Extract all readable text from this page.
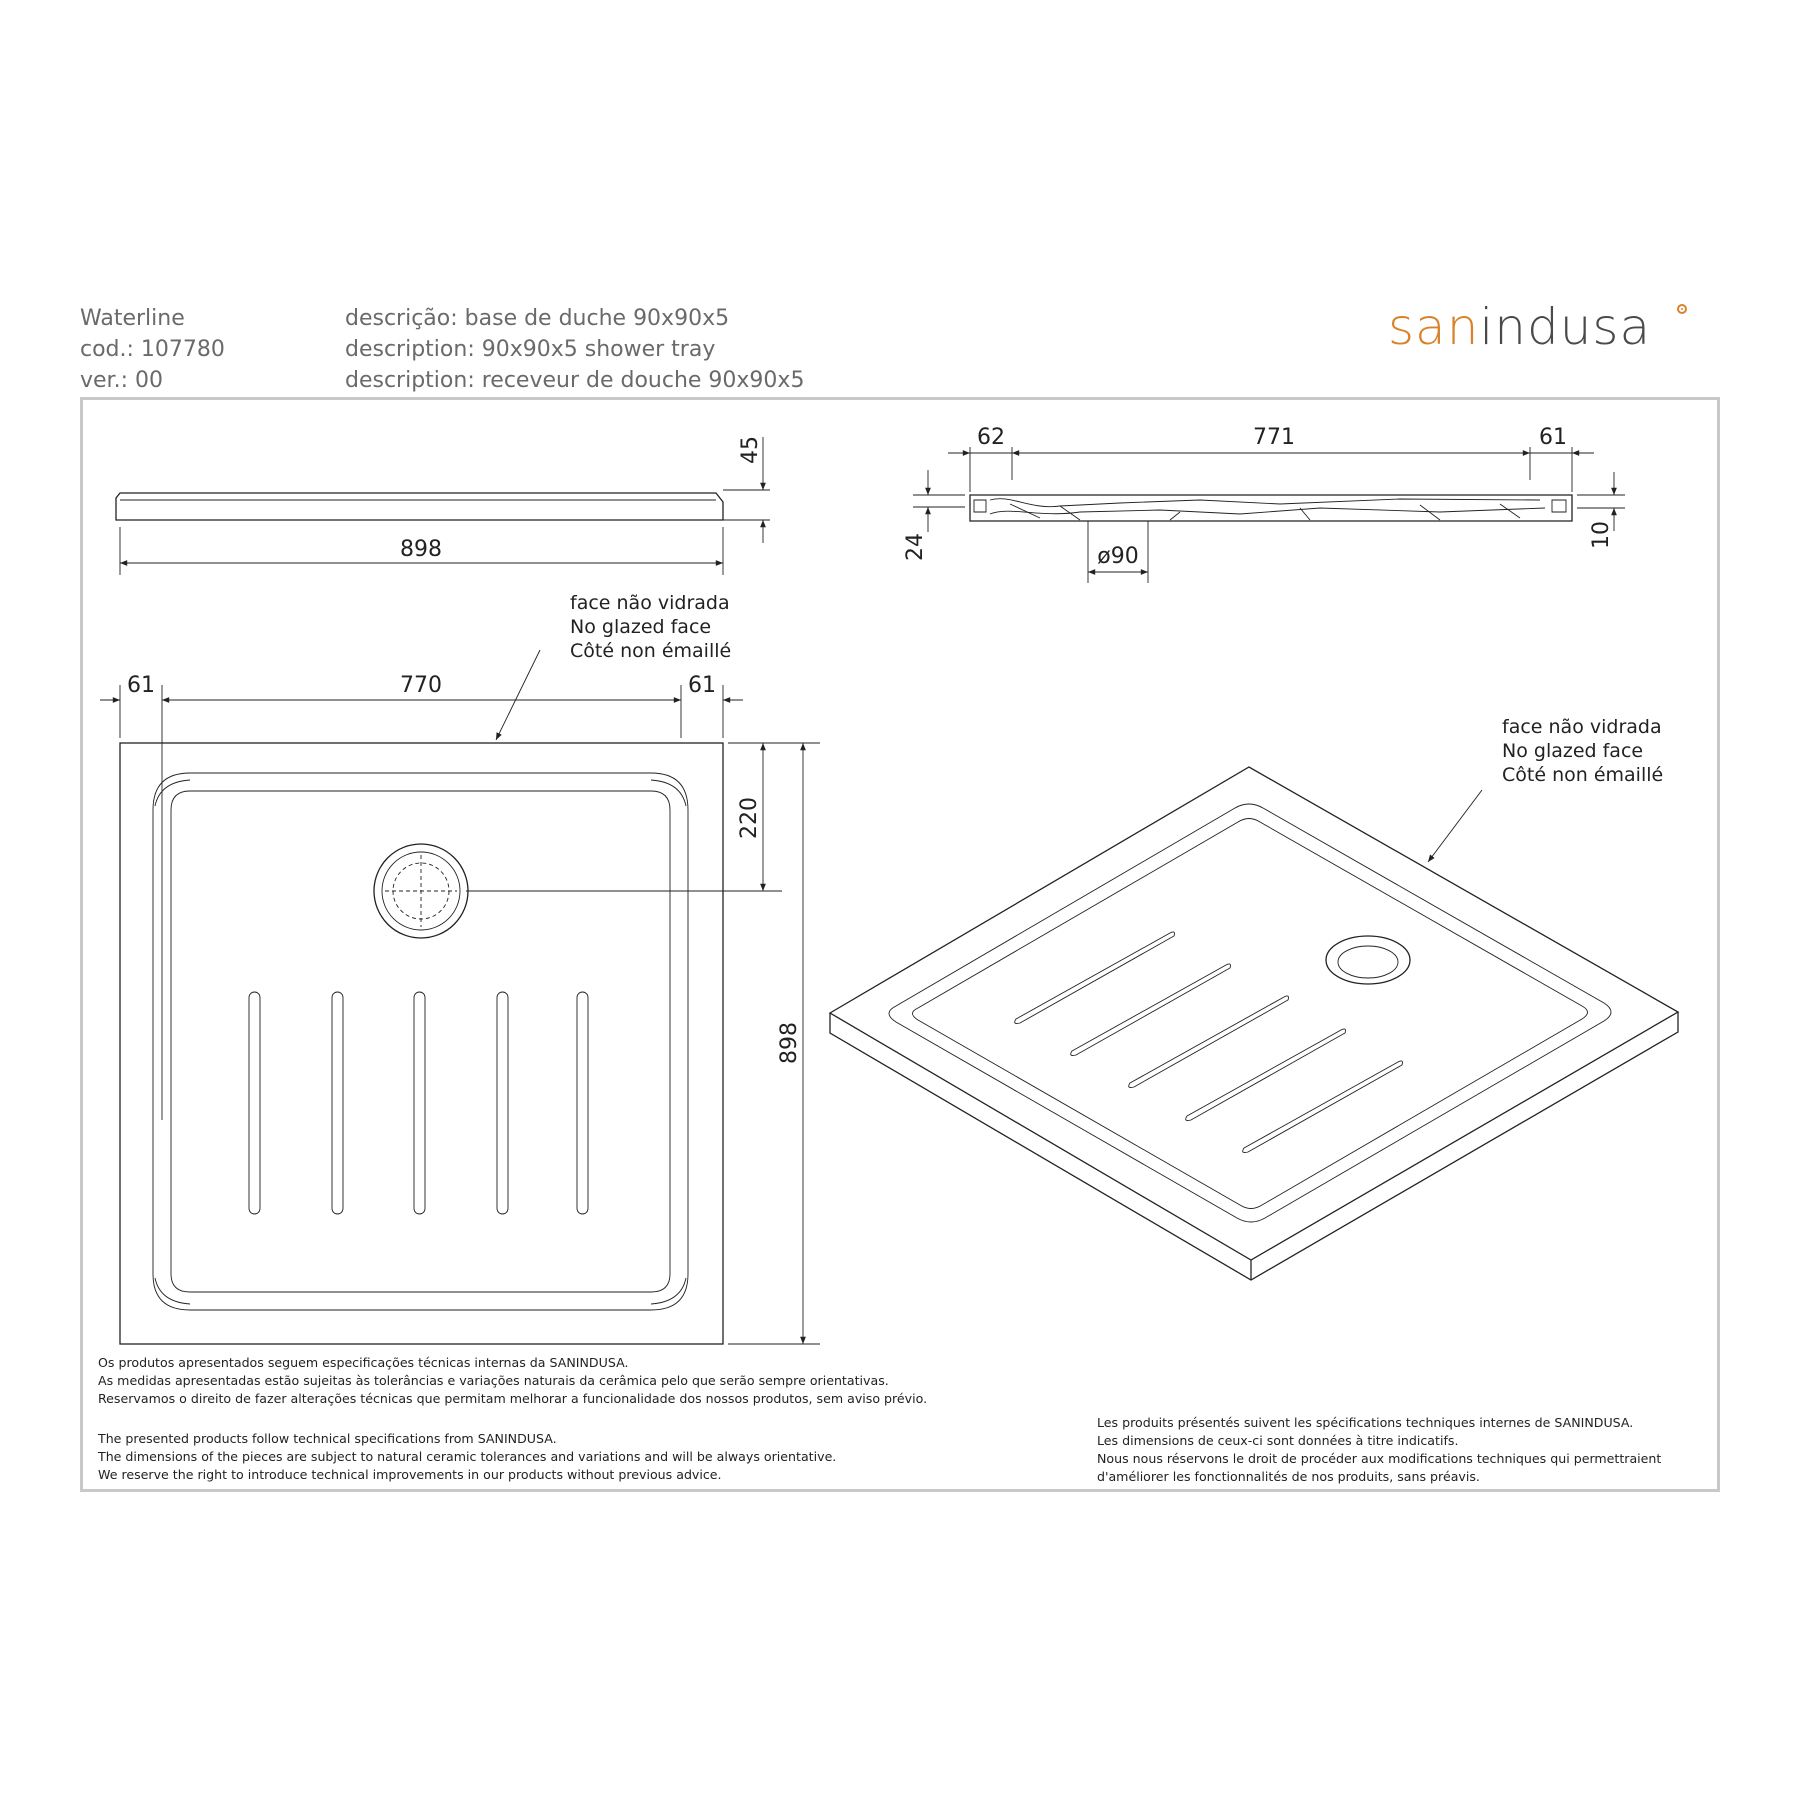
Waterline
cod.: 107780
ver.: 00
descrição: base de duche 90x90x5
description: 90x90x5 shower tray
description: receveur de douche 90x90x5
sanindusa
45
898
62	771	61
24	10
ø90
61	770	61
220
898
face não vidrada
No glazed face
Côté non émaillé
face não vidrada
No glazed face
Côté non émaillé
Os produtos apresentados seguem especificações técnicas internas da SANINDUSA.
As medidas apresentadas estão sujeitas às tolerâncias e variações naturais da cerâmica pelo que serão sempre orientativas.
Reservamos o direito de fazer alterações técnicas que permitam melhorar a funcionalidade dos nossos produtos, sem aviso prévio.
The presented products follow technical specifications from SANINDUSA.
The dimensions of the pieces are subject to natural ceramic tolerances and variations and will be always orientative.
We reserve the right to introduce technical improvements in our products without previous advice.
Les produits présentés suivent les spécifications techniques internes de SANINDUSA.
Les dimensions de ceux-ci sont données à titre indicatifs.
Nous nous réservons le droit de procéder aux modifications techniques qui permettraient
d'améliorer les fonctionnalités de nos produits, sans préavis.
